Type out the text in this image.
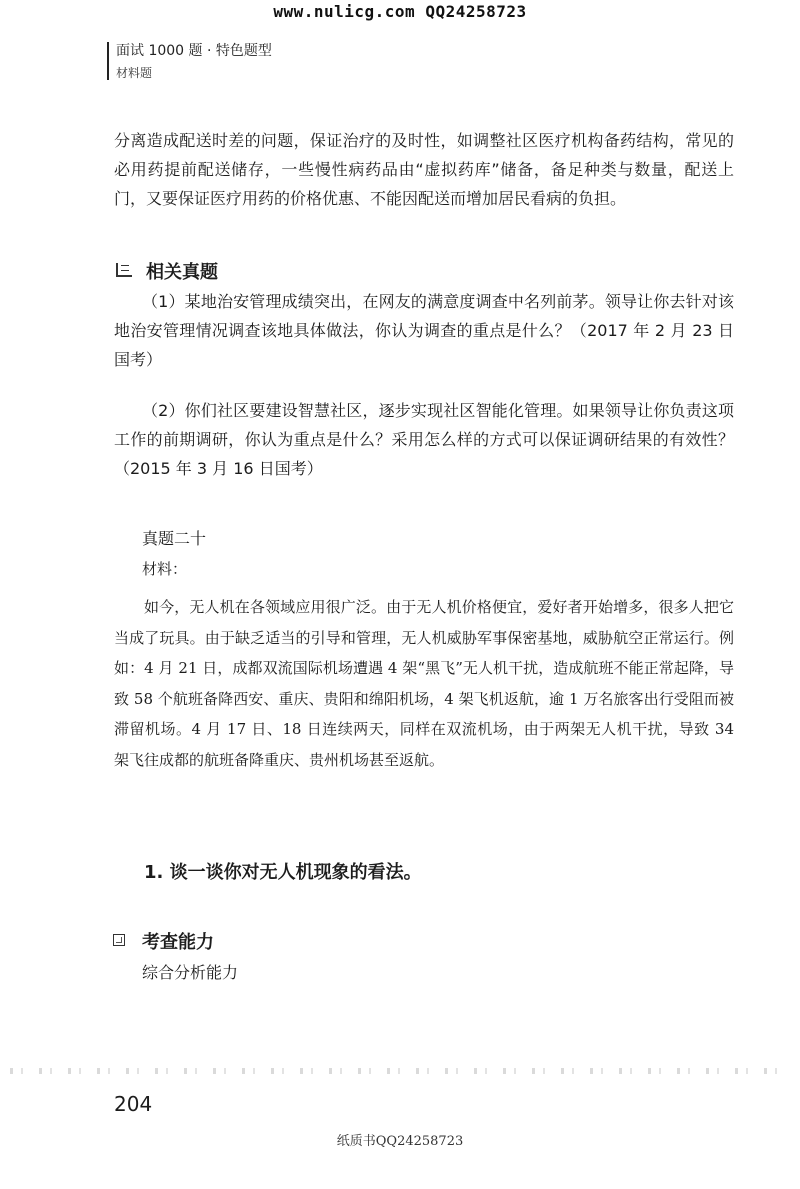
www.nulicg.com QQ24258723
面试 1000 题 · 特色题型
材料题
分离造成配送时差的问题，保证治疗的及时性，如调整社区医疗机构备药结构，常见的必用药提前配送储存，一些慢性病药品由“虚拟药库”储备，备足种类与数量，配送上门，又要保证医疗用药的价格优惠、不能因配送而增加居民看病的负担。
相关真题
（1）某地治安管理成绩突出，在网友的满意度调查中名列前茅。领导让你去针对该地治安管理情况调查该地具体做法，你认为调查的重点是什么？（2017 年 2 月 23 日国考）
（2）你们社区要建设智慧社区，逐步实现社区智能化管理。如果领导让你负责这项工作的前期调研，你认为重点是什么？采用怎么样的方式可以保证调研结果的有效性？（2015 年 3 月 16 日国考）
真题二十
材料：
如今，无人机在各领域应用很广泛。由于无人机价格便宜，爱好者开始增多，很多人把它当成了玩具。由于缺乏适当的引导和管理，无人机威胁军事保密基地，威胁航空正常运行。例如：4 月 21 日，成都双流国际机场遭遇 4 架“黑飞”无人机干扰，造成航班不能正常起降，导致 58 个航班备降西安、重庆、贵阳和绵阳机场，4 架飞机返航，逾 1 万名旅客出行受阻而被滞留机场。4 月 17 日、18 日连续两天，同样在双流机场，由于两架无人机干扰，导致 34 架飞往成都的航班备降重庆、贵州机场甚至返航。
1. 谈一谈你对无人机现象的看法。
考查能力
综合分析能力
204
纸质书QQ24258723
